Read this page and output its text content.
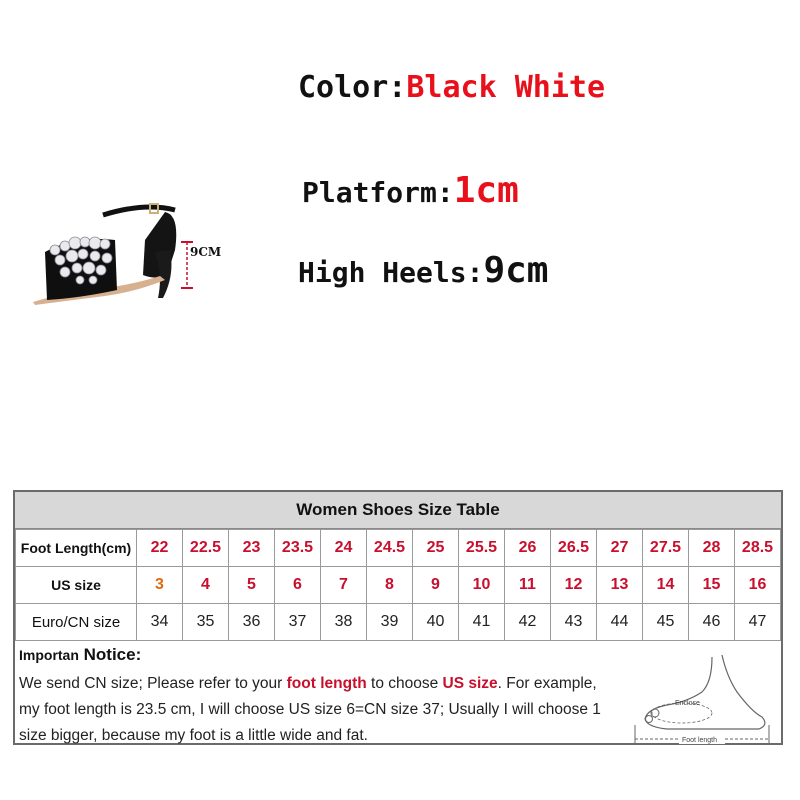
Color:Black White
Platform:1cm
High Heels:9cm
9CM
Women Shoes Size Table
Foot Length(cm)	22	22.5	23	23.5	24	24.5	25	25.5	26	26.5	27	27.5	28	28.5
US size	3	4	5	6	7	8	9	10	11	12	13	14	15	16
Euro/CN size	34	35	36	37	38	39	40	41	42	43	44	45	46	47
Importan Notice:
We send CN size; Please refer to your foot length to choose US size. For example, my foot length is 23.5 cm, I will choose US size 6=CN size 37; Usually I will choose 1 size bigger, because my foot is a little wide and fat.
Enclose
Foot length
